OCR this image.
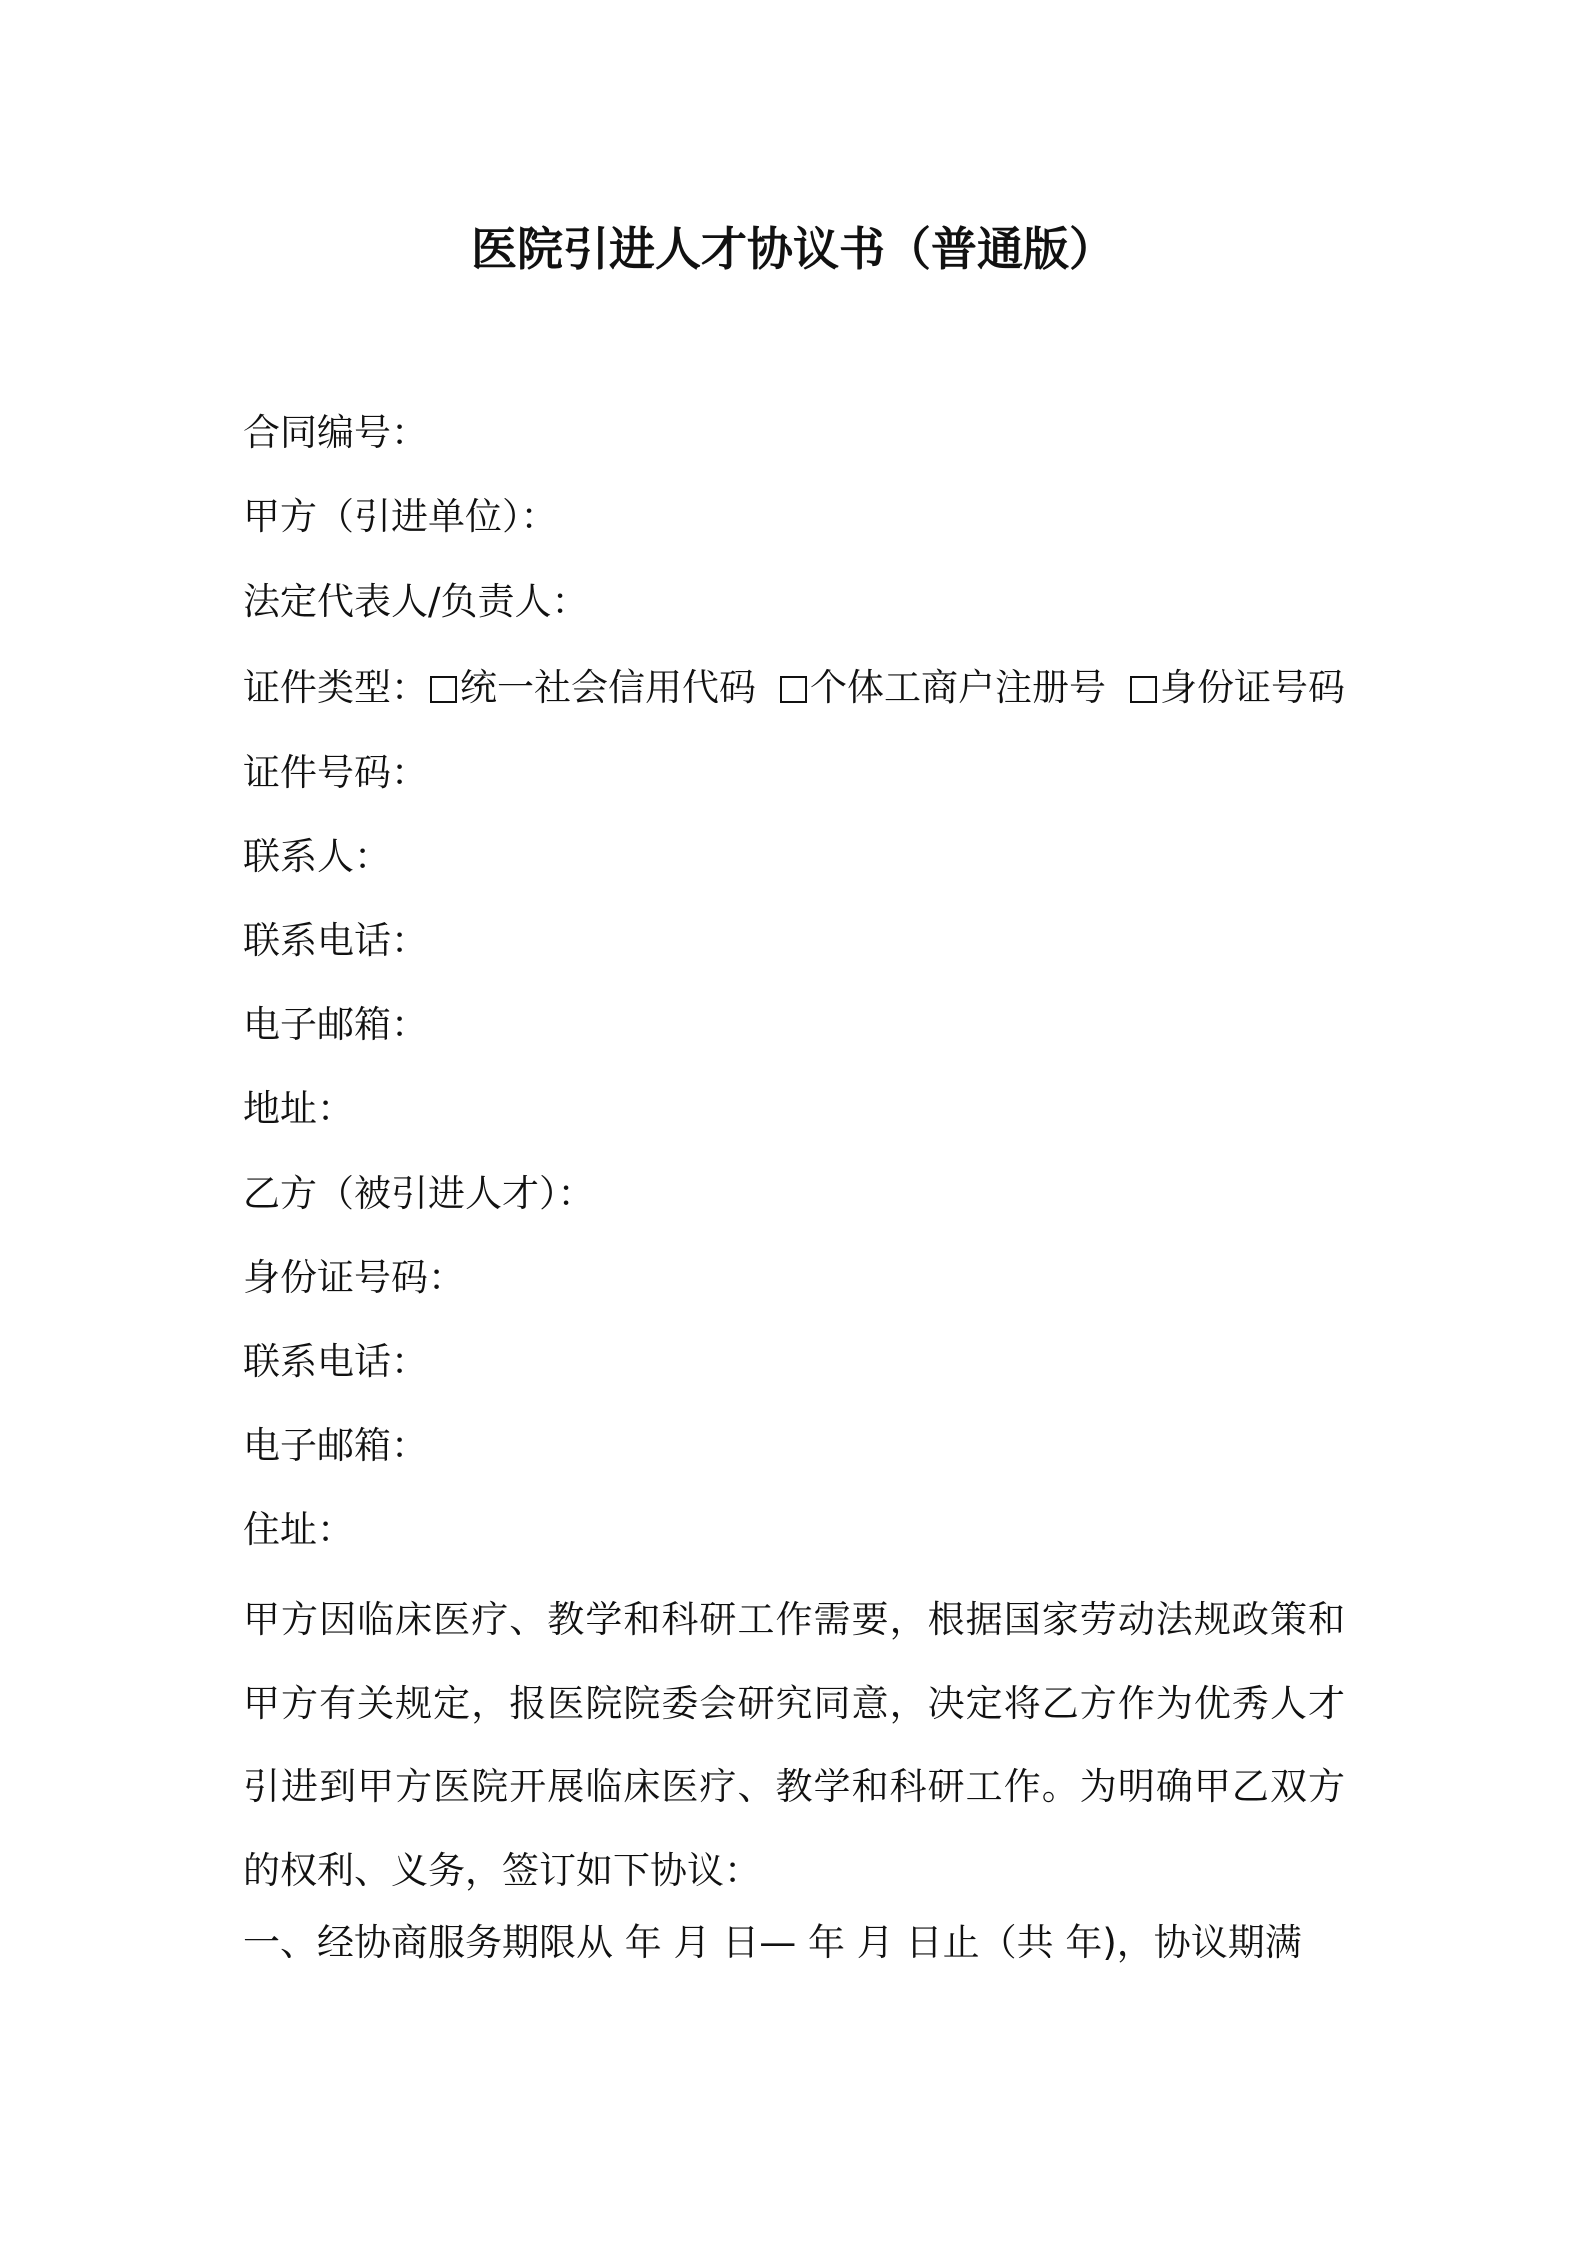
医院引进人才协议书（普通版）
合同编号：
甲方（引进单位）：
法定代表人/负责人：
证件类型： 统一社会信用代码 个体工商户注册号 身份证号码
证件号码：
联系人：
联系电话：
电子邮箱：
地址：
乙方（被引进人才）：
身份证号码：
联系电话：
电子邮箱：
住址：
甲方因临床医疗、教学和科研工作需要，根据国家劳动法规政策和甲方有关规定，报医院院委会研究同意，决定将乙方作为优秀人才引进到甲方医院开展临床医疗、教学和科研工作。为明确甲乙双方的权利、义务，签订如下协议：
一、经协商服务期限从 年 月 日— 年 月 日止（共 年)，协议期满
